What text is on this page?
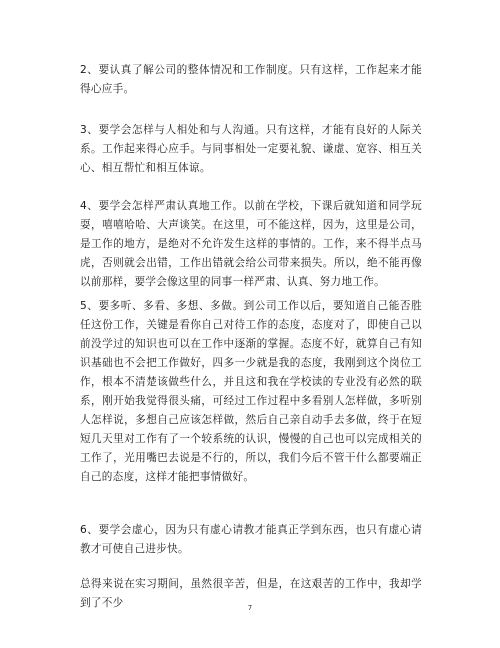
2、要认真了解公司的整体情况和工作制度。只有这样，工作起来才能得心应手。

3、要学会怎样与人相处和与人沟通。只有这样，才能有良好的人际关系。工作起来得心应手。与同事相处一定要礼貌、谦虚、宽容、相互关心、相互帮忙和相互体谅。

4、要学会怎样严肃认真地工作。以前在学校，下课后就知道和同学玩耍，嘻嘻哈哈、大声谈笑。在这里，可不能这样，因为，这里是公司，是工作的地方，是绝对不允许发生这样的事情的。工作，来不得半点马虎，否则就会出错，工作出错就会给公司带来损失。所以，绝不能再像以前那样，要学会像这里的同事一样严肃、认真、努力地工作。

5、要多听、多看、多想、多做。到公司工作以后，要知道自己能否胜任这份工作，关键是看你自己对待工作的态度，态度对了，即使自己以前没学过的知识也可以在工作中逐渐的掌握。态度不好，就算自己有知识基础也不会把工作做好，四多一少就是我的态度，我刚到这个岗位工作，根本不清楚该做些什么，并且这和我在学校读的专业没有必然的联系，刚开始我觉得很头痛，可经过工作过程中多看别人怎样做，多听别人怎样说，多想自己应该怎样做，然后自己亲自动手去多做，终于在短短几天里对工作有了一个较系统的认识，慢慢的自己也可以完成相关的工作了，光用嘴巴去说是不行的，所以，我们今后不管干什么都要端正自己的态度，这样才能把事情做好。

6、要学会虚心，因为只有虚心请教才能真正学到东西，也只有虚心请教才可使自己进步快。

总得来说在实习期间，虽然很辛苦，但是，在这艰苦的工作中，我却学到了不少	7
